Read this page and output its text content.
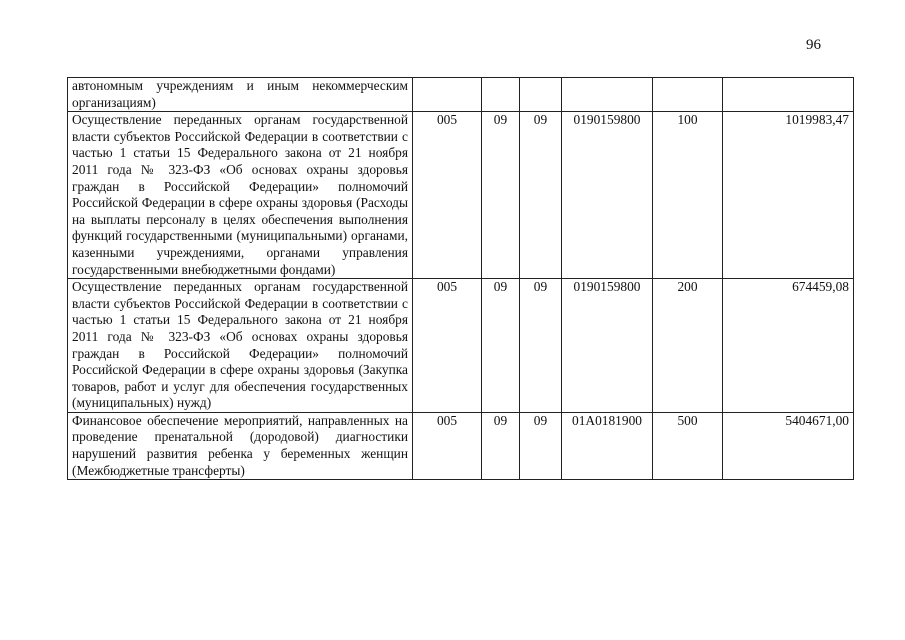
96
автономным учреждениям и иным некоммерческим организациям)						
Осуществление переданных органам государственной власти субъектов Российской Федерации в соответствии с частью 1 статьи 15 Федерального закона от 21 ноября 2011 года № 323-ФЗ «Об основах охраны здоровья граждан в Российской Федерации» полномочий Российской Федерации в сфере охраны здоровья (Расходы на выплаты персоналу в целях обеспечения выполнения функций государственными (муниципальными) органами, казенными учреждениями, органами управления государственными внебюджетными фондами)	005	09	09	0190159800	100	1019983,47
Осуществление переданных органам государственной власти субъектов Российской Федерации в соответствии с частью 1 статьи 15 Федерального закона от 21 ноября 2011 года № 323-ФЗ «Об основах охраны здоровья граждан в Российской Федерации» полномочий Российской Федерации в сфере охраны здоровья (Закупка товаров, работ и услуг для обеспечения государственных (муниципальных) нужд)	005	09	09	0190159800	200	674459,08
Финансовое обеспечение мероприятий, направленных на проведение пренатальной (дородовой) диагностики нарушений развития ребенка у беременных женщин (Межбюджетные трансферты)	005	09	09	01А0181900	500	5404671,00
